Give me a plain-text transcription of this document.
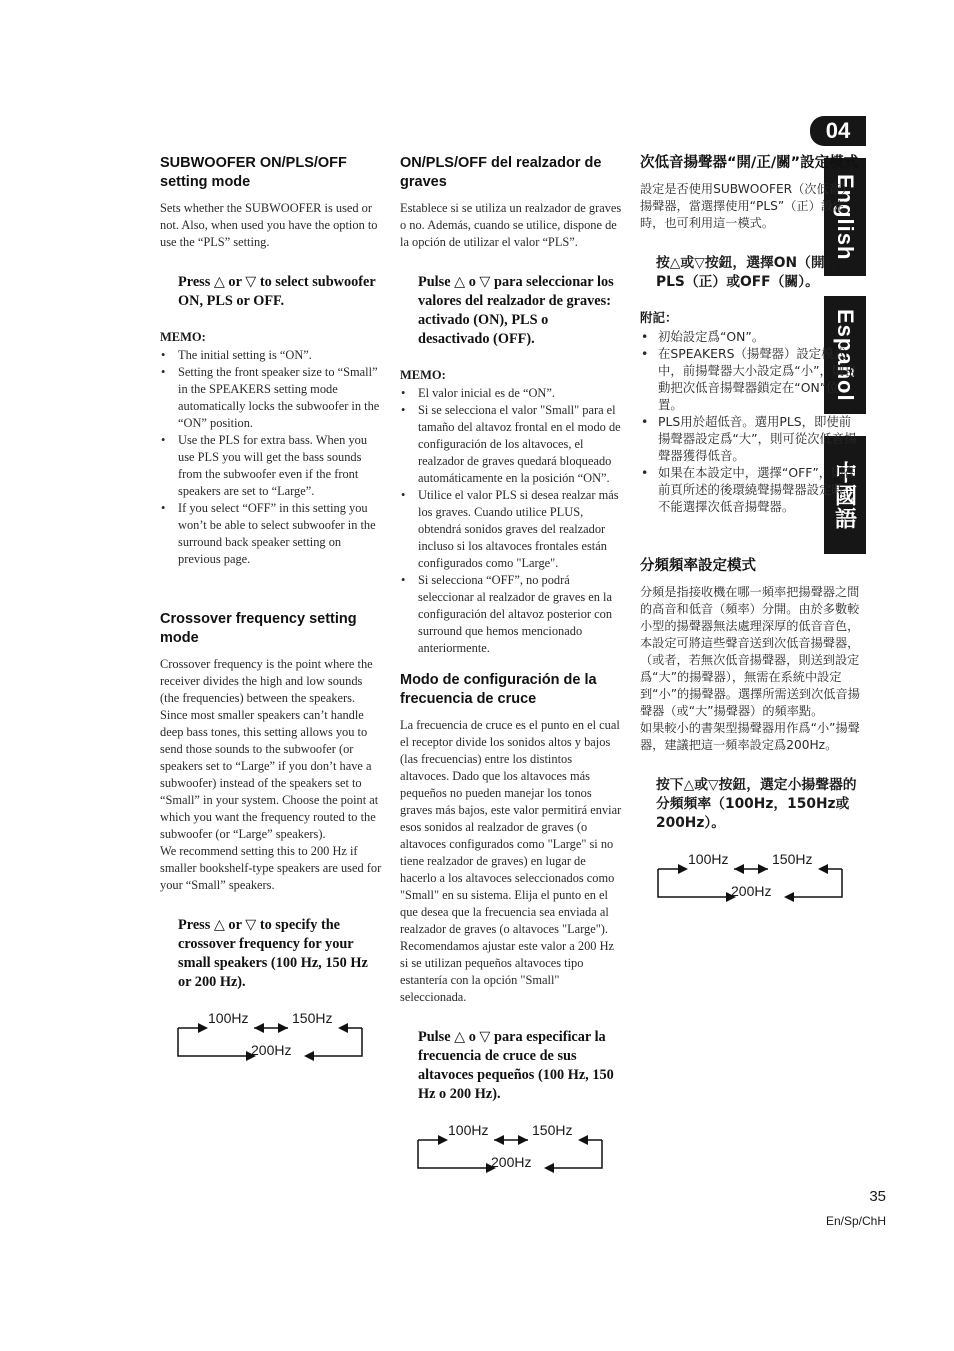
04
English
Español
中國語
SUBWOOFER ON/PLS/OFF setting mode

Sets whether the SUBWOOFER is used or not. Also, when used you have the option to use the “PLS” setting.

Press △ or ▽ to select subwoofer ON, PLS or OFF.
MEMO:
• The initial setting is “ON”.
• Setting the front speaker size to “Small” in the SPEAKERS setting mode automatically locks the subwoofer in the “ON” position.
• Use the PLS for extra bass. When you use PLS you will get the bass sounds from the subwoofer even if the front speakers are set to “Large”.
• If you select “OFF” in this setting you won’t be able to select subwoofer in the surround back speaker setting on previous page.
Crossover frequency setting mode

Crossover frequency is the point where the receiver divides the high and low sounds (the frequencies) between the speakers. Since most smaller speakers can’t handle deep bass tones, this setting allows you to send those sounds to the subwoofer (or speakers set to “Large” if you don’t have a subwoofer) instead of the speakers set to “Small” in your system. Choose the point at which you want the frequency routed to the subwoofer (or “Large” speakers).

We recommend setting this to 200 Hz if smaller bookshelf-type speakers are used for your “Small” speakers.

Press △ or ▽ to specify the crossover frequency for your small speakers (100 Hz, 150 Hz or 200 Hz).
100Hz	150Hz
200Hz
ON/PLS/OFF del realzador de graves

Establece si se utiliza un realzador de graves o no. Además, cuando se utilice, dispone de la opción de utilizar el valor “PLS”.

Pulse △ o ▽ para seleccionar los valores del realzador de graves: activado (ON), PLS o desactivado (OFF).
MEMO:
• El valor inicial es de “ON”.
• Si se selecciona el valor "Small" para el tamaño del altavoz frontal en el modo de configuración de los altavoces, el realzador de graves quedará bloqueado automáticamente en la posición “ON”.
• Utilice el valor PLS si desea realzar más los graves. Cuando utilice PLUS, obtendrá sonidos graves del realzador incluso si los altavoces frontales están configurados como "Large".
• Si selecciona “OFF”, no podrá seleccionar al realzador de graves en la configuración del altavoz posterior con surround que hemos mencionado anteriormente.
Modo de configuración de la frecuencia de cruce

La frecuencia de cruce es el punto en el cual el receptor divide los sonidos altos y bajos (las frecuencias) entre los distintos altavoces. Dado que los altavoces más pequeños no pueden manejar los tonos graves más bajos, este valor permitirá enviar esos sonidos al realzador de graves (o altavoces configurados como "Large" si no tiene realzador de graves) en lugar de hacerlo a los altavoces seleccionados como "Small" en su sistema. Elija el punto en el que desea que la frecuencia sea enviada al realzador de graves (o altavoces "Large"). Recomendamos ajustar este valor a 200 Hz si se utilizan pequeños altavoces tipo estantería con la opción "Small" seleccionada.

Pulse △ o ▽ para especificar la frecuencia de cruce de sus altavoces pequeños (100 Hz, 150 Hz o 200 Hz).
100Hz	150Hz
200Hz
次低音揚聲器“開/正/關”設定模式

設定是否使用SUBWOOFER（次低音）揚聲器，當選擇使用“PLS”（正）設定時，也可利用這一模式。

按△或▽按鈕，選擇ON（開），PLS（正）或OFF（關）。
附記：
• 初始設定爲“ON”。
• 在SPEAKERS（揚聲器）設定模式中，前揚聲器大小設定爲“小”，則自動把次低音揚聲器鎖定在“ON”位置。
• PLS用於超低音。選用PLS，即使前揚聲器設定爲“大”，則可從次低音揚聲器獲得低音。
• 如果在本設定中，選擇“OFF”，則在前頁所述的後環繞聲揚聲器設定時，不能選擇次低音揚聲器。
分頻頻率設定模式

分頻是指接收機在哪一頻率把揚聲器之間的高音和低音（頻率）分開。由於多數較小型的揚聲器無法處理深厚的低音音色，本設定可將這些聲音送到次低音揚聲器，（或者，若無次低音揚聲器，則送到設定爲“大”的揚聲器），無需在系統中設定到“小”的揚聲器。選擇所需送到次低音揚聲器（或“大”揚聲器）的頻率點。

如果較小的書架型揚聲器用作爲“小”揚聲器，建議把這一頻率設定爲200Hz。

按下△或▽按鈕，選定小揚聲器的分頻頻率（100Hz，150Hz或200Hz）。
100Hz	150Hz
200Hz
35
En/Sp/ChH
